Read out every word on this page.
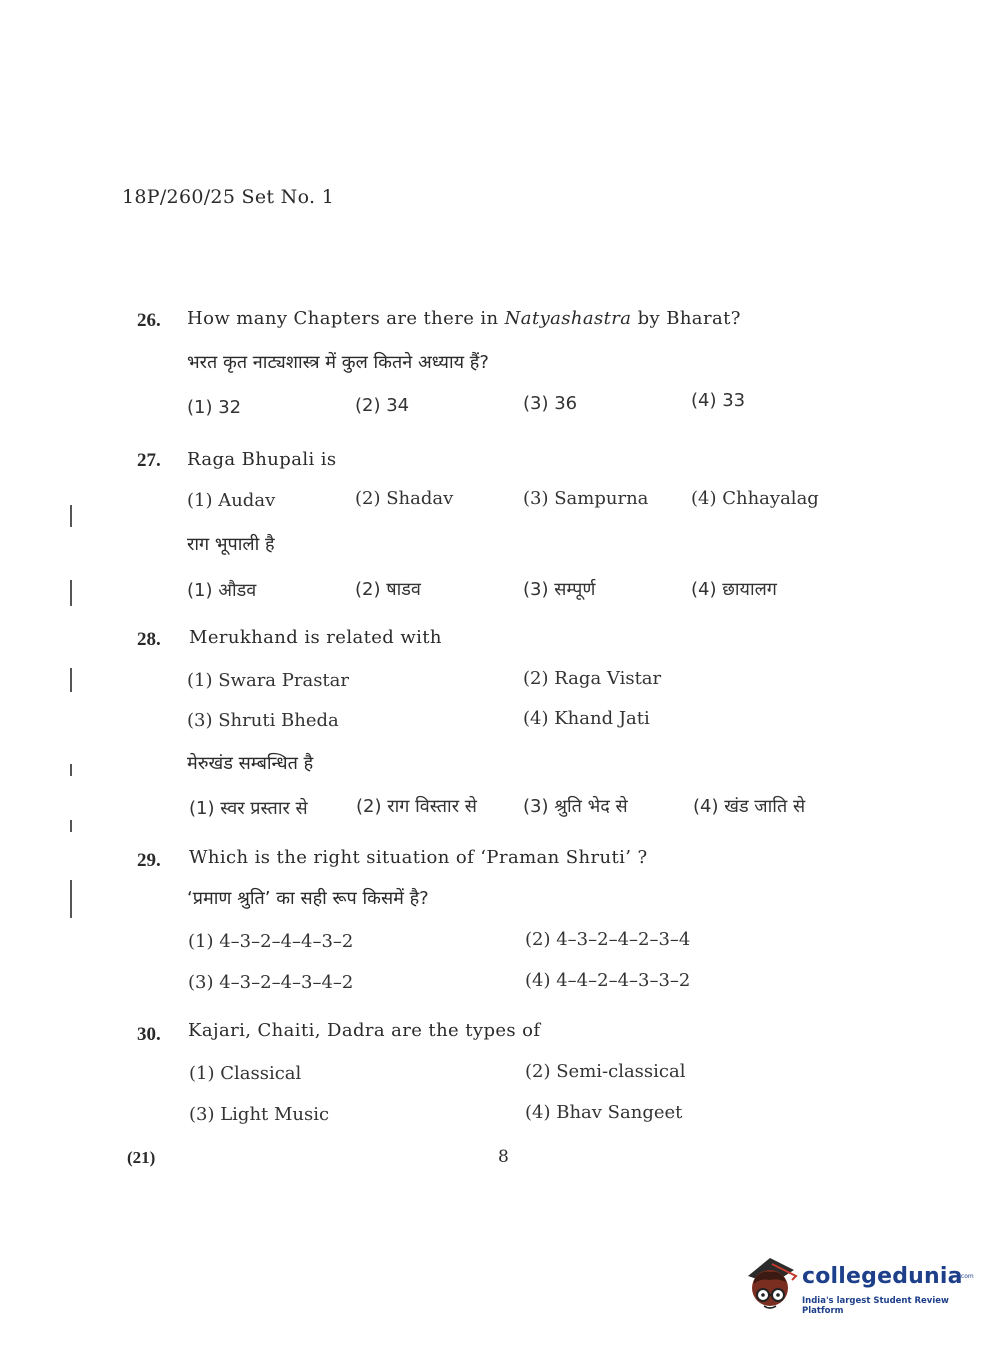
18P/260/25 Set No. 1
26. How many Chapters are there in Natyashastra by Bharat?
भरत कृत नाट्यशास्त्र में कुल कितने अध्याय हैं?
(1) 32	(2) 34	(3) 36	(4) 33
27. Raga Bhupali is
(1) Audav	(2) Shadav	(3) Sampurna (4) Chhayalag
राग भूपाली है
(1) औडव	(2) षाडव	(3) सम्पूर्ण	(4) छायालग
28. Merukhand is related with
(1) Swara Prastar	(2) Raga Vistar
(3) Shruti Bheda	(4) Khand Jati
मेरुखंड सम्बन्धित है
(1) स्वर प्रस्तार से	(2) राग विस्तार से	(3) श्रुति भेद से	(4) खंड जाति से
29. Which is the right situation of ‘Praman Shruti’ ?
‘प्रमाण श्रुति’ का सही रूप किसमें है?
(1) 4–3–2–4–4–3–2	(2) 4–3–2–4–2–3–4
(3) 4–3–2–4–3–4–2	(4) 4–4–2–4–3–3–2
30. Kajari, Chaiti, Dadra are the types of
(1) Classical	(2) Semi-classical
(3) Light Music	(4) Bhav Sangeet
(21)	8
collegedunia
.com
India's largest Student Review Platform
